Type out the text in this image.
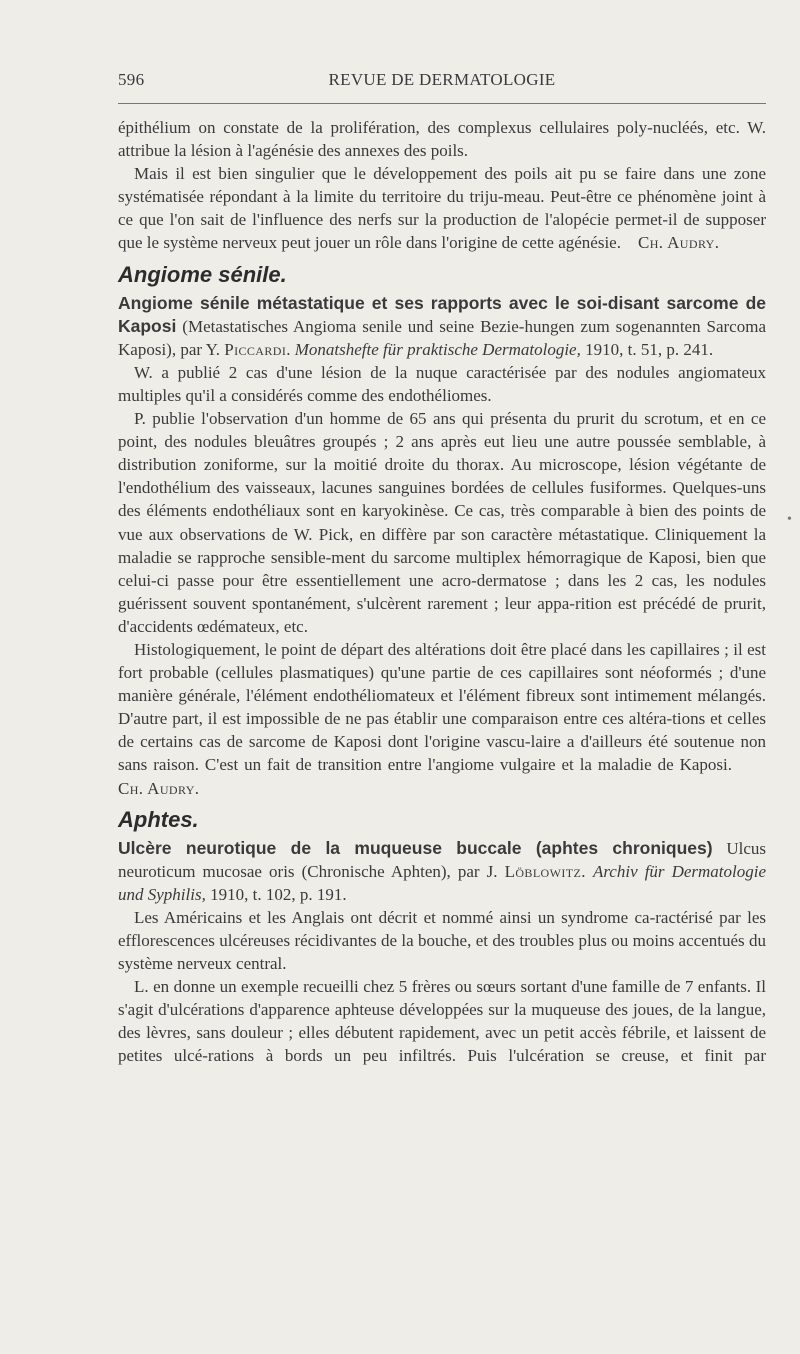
596	REVUE DE DERMATOLOGIE

épithélium on constate de la prolifération, des complexus cellulaires poly-nucléés, etc. W. attribue la lésion à l'agénésie des annexes des poils.

Mais il est bien singulier que le développement des poils ait pu se faire dans une zone systématisée répondant à la limite du territoire du triju-meau. Peut-être ce phénomène joint à ce que l'on sait de l'influence des nerfs sur la production de l'alopécie permet-il de supposer que le système nerveux peut jouer un rôle dans l'origine de cette agénésie.  Ch. Audry.

Angiome sénile.

Angiome sénile métastatique et ses rapports avec le soi-disant sarcome de Kaposi (Metastatisches Angioma senile und seine Bezie-hungen zum sogenannten Sarcoma Kaposi), par Y. Piccardi. Monatshefte für praktische Dermatologie, 1910, t. 51, p. 241.

W. a publié 2 cas d'une lésion de la nuque caractérisée par des nodules angiomateux multiples qu'il a considérés comme des endothéliomes.

P. publie l'observation d'un homme de 65 ans qui présenta du prurit du scrotum, et en ce point, des nodules bleuâtres groupés ; 2 ans après eut lieu une autre poussée semblable, à distribution zoniforme, sur la moitié droite du thorax. Au microscope, lésion végétante de l'endothélium des vaisseaux, lacunes sanguines bordées de cellules fusiformes. Quelques-uns des éléments endothéliaux sont en karyokinèse. Ce cas, très comparable à bien des points de vue aux observations de W. Pick, en diffère par son caractère métastatique. Cliniquement la maladie se rapproche sensible-ment du sarcome multiplex hémorragique de Kaposi, bien que celui-ci passe pour être essentiellement une acro-dermatose ; dans les 2 cas, les nodules guérissent souvent spontanément, s'ulcèrent rarement ; leur appa-rition est précédé de prurit, d'accidents œdémateux, etc.

Histologiquement, le point de départ des altérations doit être placé dans les capillaires ; il est fort probable (cellules plasmatiques) qu'une partie de ces capillaires sont néoformés ; d'une manière générale, l'élément endothéliomateux et l'élément fibreux sont intimement mélangés. D'autre part, il est impossible de ne pas établir une comparaison entre ces altéra-tions et celles de certains cas de sarcome de Kaposi dont l'origine vascu-laire a d'ailleurs été soutenue non sans raison. C'est un fait de transition entre l'angiome vulgaire et la maladie de Kaposi.  Ch. Audry.

Aphtes.

Ulcère neurotique de la muqueuse buccale (aphtes chroniques) Ulcus neuroticum mucosae oris (Chronische Aphten), par J. Löblowitz. Archiv für Dermatologie und Syphilis, 1910, t. 102, p. 191.

Les Américains et les Anglais ont décrit et nommé ainsi un syndrome ca-ractérisé par les efflorescences ulcéreuses récidivantes de la bouche, et des troubles plus ou moins accentués du système nerveux central.

L. en donne un exemple recueilli chez 5 frères ou sœurs sortant d'une famille de 7 enfants. Il s'agit d'ulcérations d'apparence aphteuse développées sur la muqueuse des joues, de la langue, des lèvres, sans douleur ; elles débutent rapidement, avec un petit accès fébrile, et laissent de petites ulcé-rations à bords un peu infiltrés. Puis l'ulcération se creuse, et finit par

•
